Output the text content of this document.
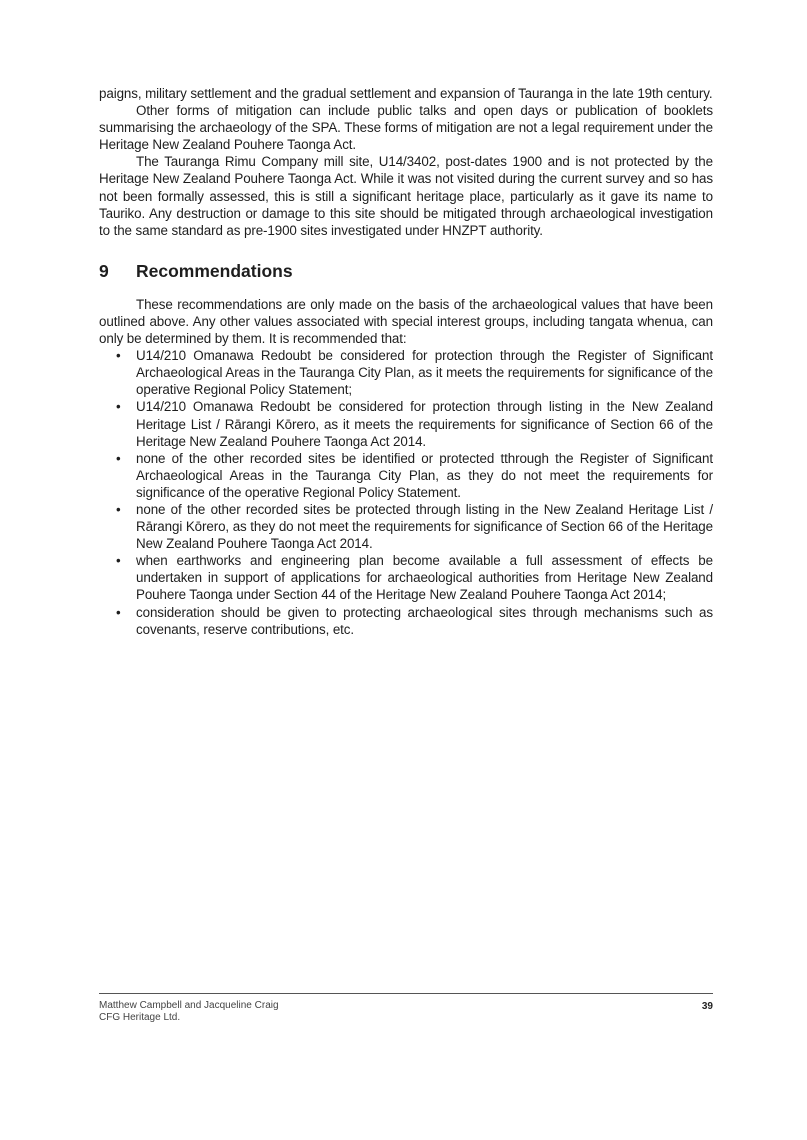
paigns, military settlement and the gradual settlement and expansion of Tauranga in the late 19th century.

Other forms of mitigation can include public talks and open days or publication of booklets summarising the archaeology of the SPA. These forms of mitigation are not a legal requirement under the Heritage New Zealand Pouhere Taonga Act.

The Tauranga Rimu Company mill site, U14/3402, post-dates 1900 and is not protected by the Heritage New Zealand Pouhere Taonga Act. While it was not visited during the current survey and so has not been formally assessed, this is still a significant heritage place, particularly as it gave its name to Tauriko. Any destruction or damage to this site should be mitigated through archaeological investigation to the same standard as pre-1900 sites investigated under HNZPT authority.

9	Recommendations

These recommendations are only made on the basis of the archaeological values that have been outlined above. Any other values associated with special interest groups, including tangata whenua, can only be determined by them. It is recommended that:

•	U14/210 Omanawa Redoubt be considered for protection through the Register of Significant Archaeological Areas in the Tauranga City Plan, as it meets the requirements for significance of the operative Regional Policy Statement;
•	U14/210 Omanawa Redoubt be considered for protection through listing in the New Zealand Heritage List / Rārangi Kōrero, as it meets the requirements for significance of Section 66 of the Heritage New Zealand Pouhere Taonga Act 2014.
•	none of the other recorded sites be identified or protected tthrough the Register of Significant Archaeological Areas in the Tauranga City Plan, as they do not meet the requirements for significance of the operative Regional Policy Statement.
•	none of the other recorded sites be protected through listing in the New Zealand Heritage List / Rārangi Kōrero, as they do not meet the requirements for significance of Section 66 of the Heritage New Zealand Pouhere Taonga Act 2014.
•	when earthworks and engineering plan become available a full assessment of effects be undertaken in support of applications for archaeological authorities from Heritage New Zealand Pouhere Taonga under Section 44 of the Heritage New Zealand Pouhere Taonga Act 2014;
•	consideration should be given to protecting archaeological sites through mechanisms such as covenants, reserve contributions, etc.
Matthew Campbell and Jacqueline Craig
CFG Heritage Ltd.
39
